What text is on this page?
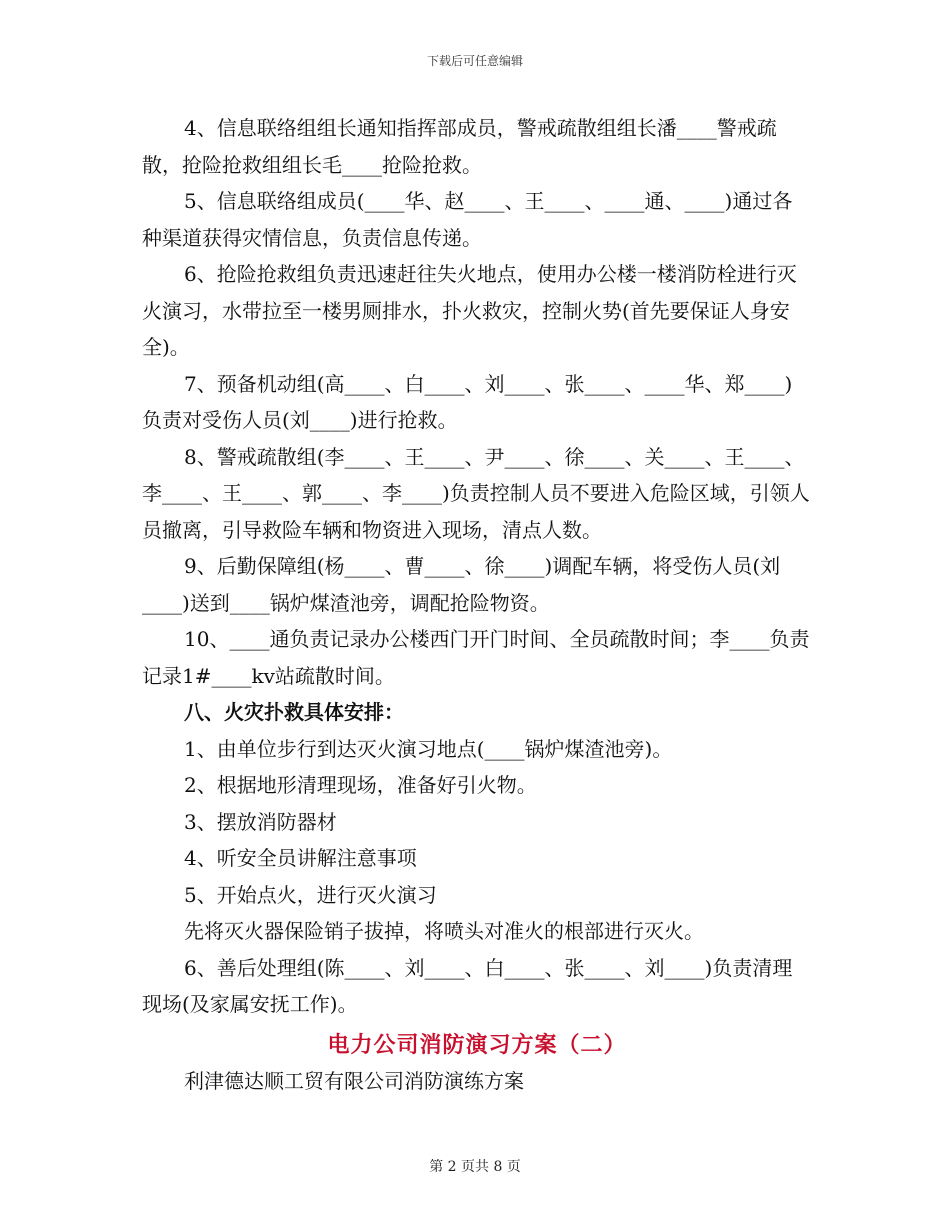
下载后可任意编辑

4、信息联络组组长通知指挥部成员，警戒疏散组组长潘____警戒疏散，抢险抢救组组长毛____抢险抢救。

5、信息联络组成员(____华、赵____、王____、____通、____)通过各种渠道获得灾情信息，负责信息传递。

6、抢险抢救组负责迅速赶往失火地点，使用办公楼一楼消防栓进行灭火演习，水带拉至一楼男厕排水，扑火救灾，控制火势(首先要保证人身安全)。

7、预备机动组(高____、白____、刘____、张____、____华、郑____)负责对受伤人员(刘____)进行抢救。

8、警戒疏散组(李____、王____、尹____、徐____、关____、王____、李____、王____、郭____、李____)负责控制人员不要进入危险区域，引领人员撤离，引导救险车辆和物资进入现场，清点人数。

9、后勤保障组(杨____、曹____、徐____)调配车辆，将受伤人员(刘____)送到____锅炉煤渣池旁，调配抢险物资。

10、____通负责记录办公楼西门开门时间、全员疏散时间；李____负责记录1#____kv站疏散时间。

八、火灾扑救具体安排：

1、由单位步行到达灭火演习地点(____锅炉煤渣池旁)。

2、根据地形清理现场，准备好引火物。

3、摆放消防器材

4、听安全员讲解注意事项

5、开始点火，进行灭火演习

先将灭火器保险销子拔掉，将喷头对准火的根部进行灭火。

6、善后处理组(陈____、刘____、白____、张____、刘____)负责清理现场(及家属安抚工作)。

电力公司消防演习方案（二）

利津德达顺工贸有限公司消防演练方案

第 2 页共 8 页
